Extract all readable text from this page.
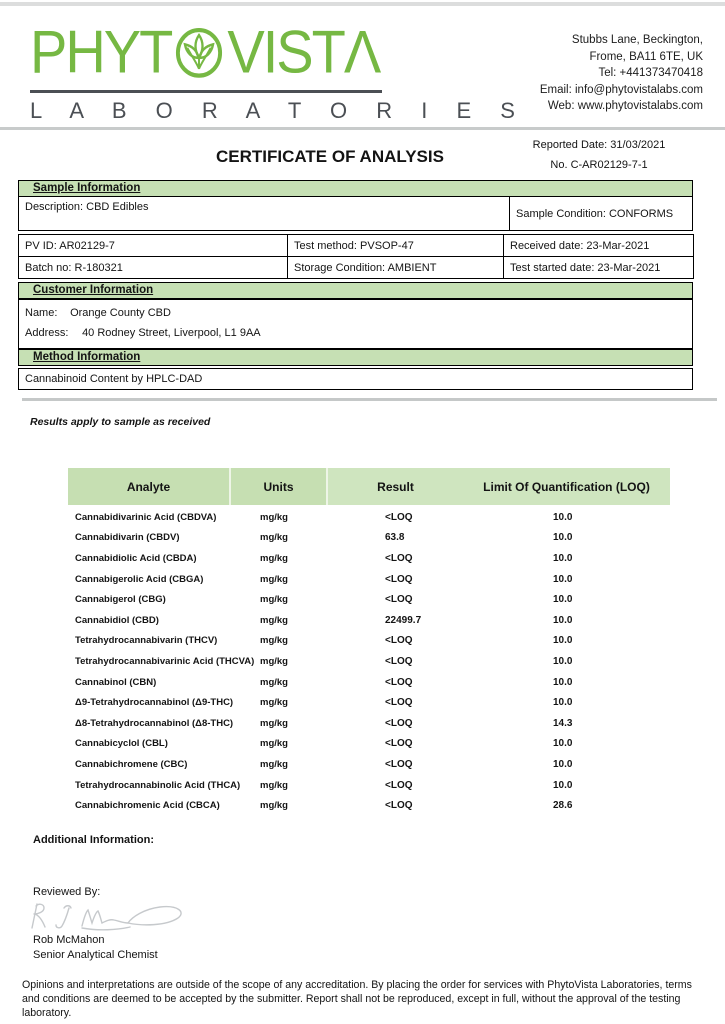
PHYT VISTΛ
L A B O R A T O R I E S
Stubbs Lane, Beckington,
Frome, BA11 6TE, UK
Tel: +441373470418
Email: info@phytovistalabs.com
Web: www.phytovistalabs.com
CERTIFICATE OF ANALYSIS
Reported Date: 31/03/2021
No. C-AR02129-7-1
Sample Information
Description: CBD Edibles
Sample Condition: CONFORMS
PV ID: AR02129-7	Test method: PVSOP-47	Received date: 23-Mar-2021
Batch no: R-180321	Storage Condition: AMBIENT	Test started date: 23-Mar-2021
Customer Information
Name: Orange County CBD
Address: 40 Rodney Street, Liverpool, L1 9AA
Method Information
Cannabinoid Content by HPLC-DAD
Results apply to sample as received
Analyte	Units	Result	Limit Of Quantification (LOQ)
Cannabidivarinic Acid (CBDVA)	mg/kg	<LOQ	10.0
Cannabidivarin (CBDV)	mg/kg	63.8	10.0
Cannabidiolic Acid (CBDA)	mg/kg	<LOQ	10.0
Cannabigerolic Acid (CBGA)	mg/kg	<LOQ	10.0
Cannabigerol (CBG)	mg/kg	<LOQ	10.0
Cannabidiol (CBD)	mg/kg	22499.7	10.0
Tetrahydrocannabivarin (THCV)	mg/kg	<LOQ	10.0
Tetrahydrocannabivarinic Acid (THCVA) mg/kg	<LOQ	10.0
Cannabinol (CBN)	mg/kg	<LOQ	10.0
Δ9-Tetrahydrocannabinol (Δ9-THC)	mg/kg	<LOQ	10.0
Δ8-Tetrahydrocannabinol (Δ8-THC)	mg/kg	<LOQ	14.3
Cannabicyclol (CBL)	mg/kg	<LOQ	10.0
Cannabichromene (CBC)	mg/kg	<LOQ	10.0
Tetrahydrocannabinolic Acid (THCA)	mg/kg	<LOQ	10.0
Cannabichromenic Acid (CBCA)	mg/kg	<LOQ	28.6
Additional Information:
Reviewed By:
Rob McMahon
Senior Analytical Chemist
Opinions and interpretations are outside of the scope of any accreditation. By placing the order for services with PhytoVista Laboratories, terms and conditions are deemed to be accepted by the submitter. Report shall not be reproduced, except in full, without the approval of the testing laboratory.
